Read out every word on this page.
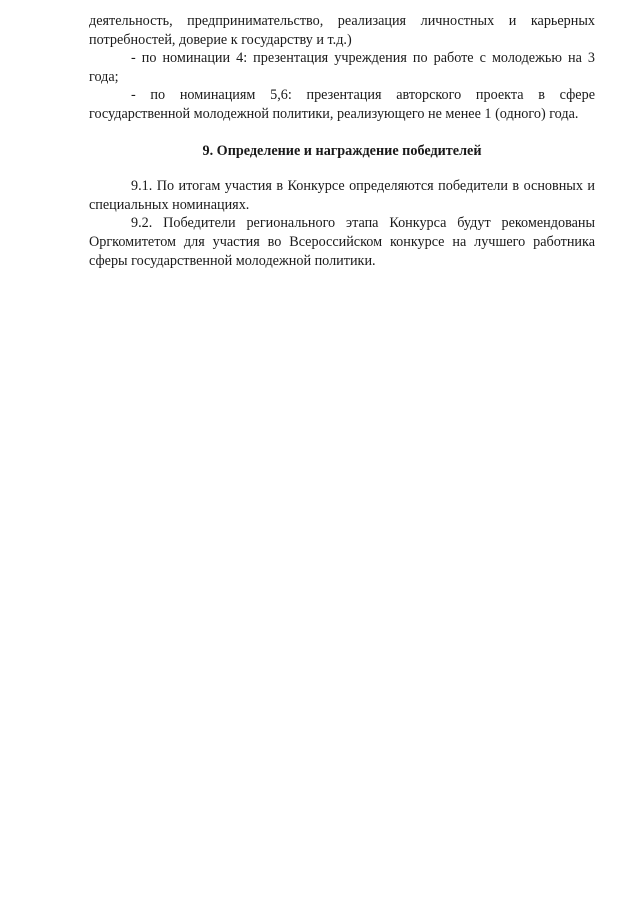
деятельность, предпринимательство, реализация личностных и карьерных потребностей, доверие к государству и т.д.)

- по номинации 4: презентация учреждения по работе с молодежью на 3 года;

- по номинациям 5,6: презентация авторского проекта в сфере государственной молодежной политики, реализующего не менее 1 (одного) года.

9. Определение и награждение победителей

9.1. По итогам участия в Конкурсе определяются победители в основных и специальных номинациях.

9.2. Победители регионального этапа Конкурса будут рекомендованы Оргкомитетом для участия во Всероссийском конкурсе на лучшего работника сферы государственной молодежной политики.
